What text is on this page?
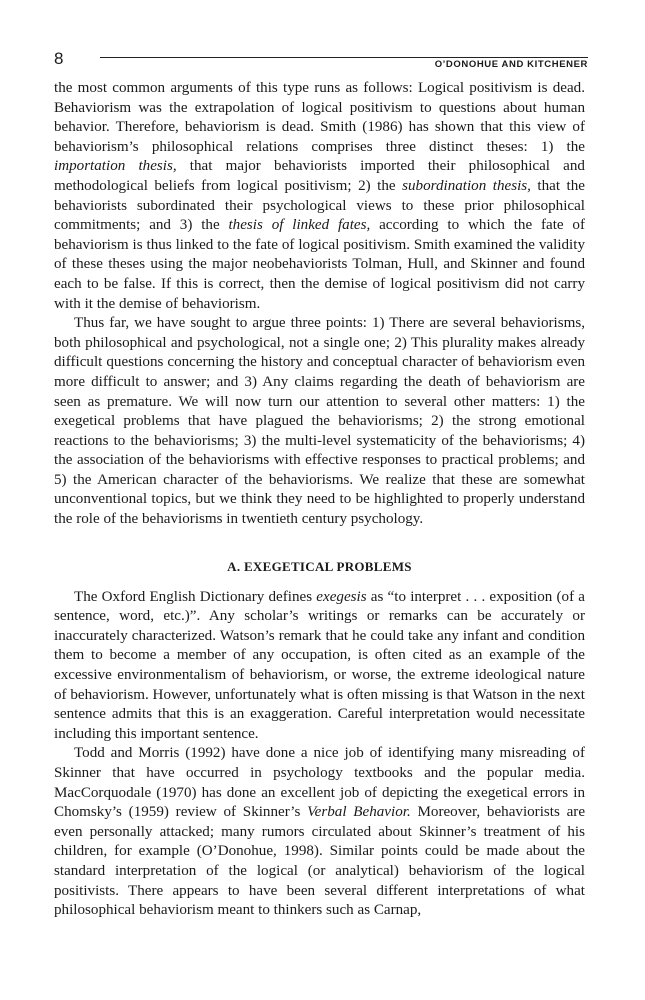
8	O’DONOHUE AND KITCHENER

the most common arguments of this type runs as follows: Logical positivism is dead. Behaviorism was the extrapolation of logical positivism to questions about human behavior. Therefore, behaviorism is dead. Smith (1986) has shown that this view of behaviorism’s philosophical relations comprises three distinct theses: 1) the importation thesis, that major behaviorists imported their philosophical and methodological beliefs from logical positivism; 2) the subordination thesis, that the behaviorists subordinated their psychological views to these prior philosophical commitments; and 3) the thesis of linked fates, according to which the fate of behaviorism is thus linked to the fate of logical positivism. Smith examined the validity of these theses using the major neobehaviorists Tolman, Hull, and Skinner and found each to be false. If this is correct, then the demise of logical positivism did not carry with it the demise of behaviorism.

Thus far, we have sought to argue three points: 1) There are several behaviorisms, both philosophical and psychological, not a single one; 2) This plurality makes already difficult questions concerning the history and conceptual character of behaviorism even more difficult to answer; and 3) Any claims regarding the death of behaviorism are seen as premature. We will now turn our attention to several other matters: 1) the exegetical problems that have plagued the behaviorisms; 2) the strong emotional reactions to the behaviorisms; 3) the multi-level systematicity of the behaviorisms; 4) the association of the behaviorisms with effective responses to practical problems; and 5) the American character of the behaviorisms. We realize that these are somewhat unconventional topics, but we think they need to be highlighted to properly understand the role of the behaviorisms in twentieth century psychology.

A. EXEGETICAL PROBLEMS

The Oxford English Dictionary defines exegesis as “to interpret . . . exposition (of a sentence, word, etc.)”. Any scholar’s writings or remarks can be accurately or inaccurately characterized. Watson’s remark that he could take any infant and condition them to become a member of any occupation, is often cited as an example of the excessive environmentalism of behaviorism, or worse, the extreme ideological nature of behaviorism. However, unfortunately what is often missing is that Watson in the next sentence admits that this is an exaggeration. Careful interpretation would necessitate including this important sentence.

Todd and Morris (1992) have done a nice job of identifying many misreading of Skinner that have occurred in psychology textbooks and the popular media. MacCorquodale (1970) has done an excellent job of depicting the exegetical errors in Chomsky’s (1959) review of Skinner’s Verbal Behavior. Moreover, behaviorists are even personally attacked; many rumors circulated about Skinner’s treatment of his children, for example (O’Donohue, 1998). Similar points could be made about the standard interpretation of the logical (or analytical) behaviorism of the logical positivists. There appears to have been several different interpretations of what philosophical behaviorism meant to thinkers such as Carnap,
